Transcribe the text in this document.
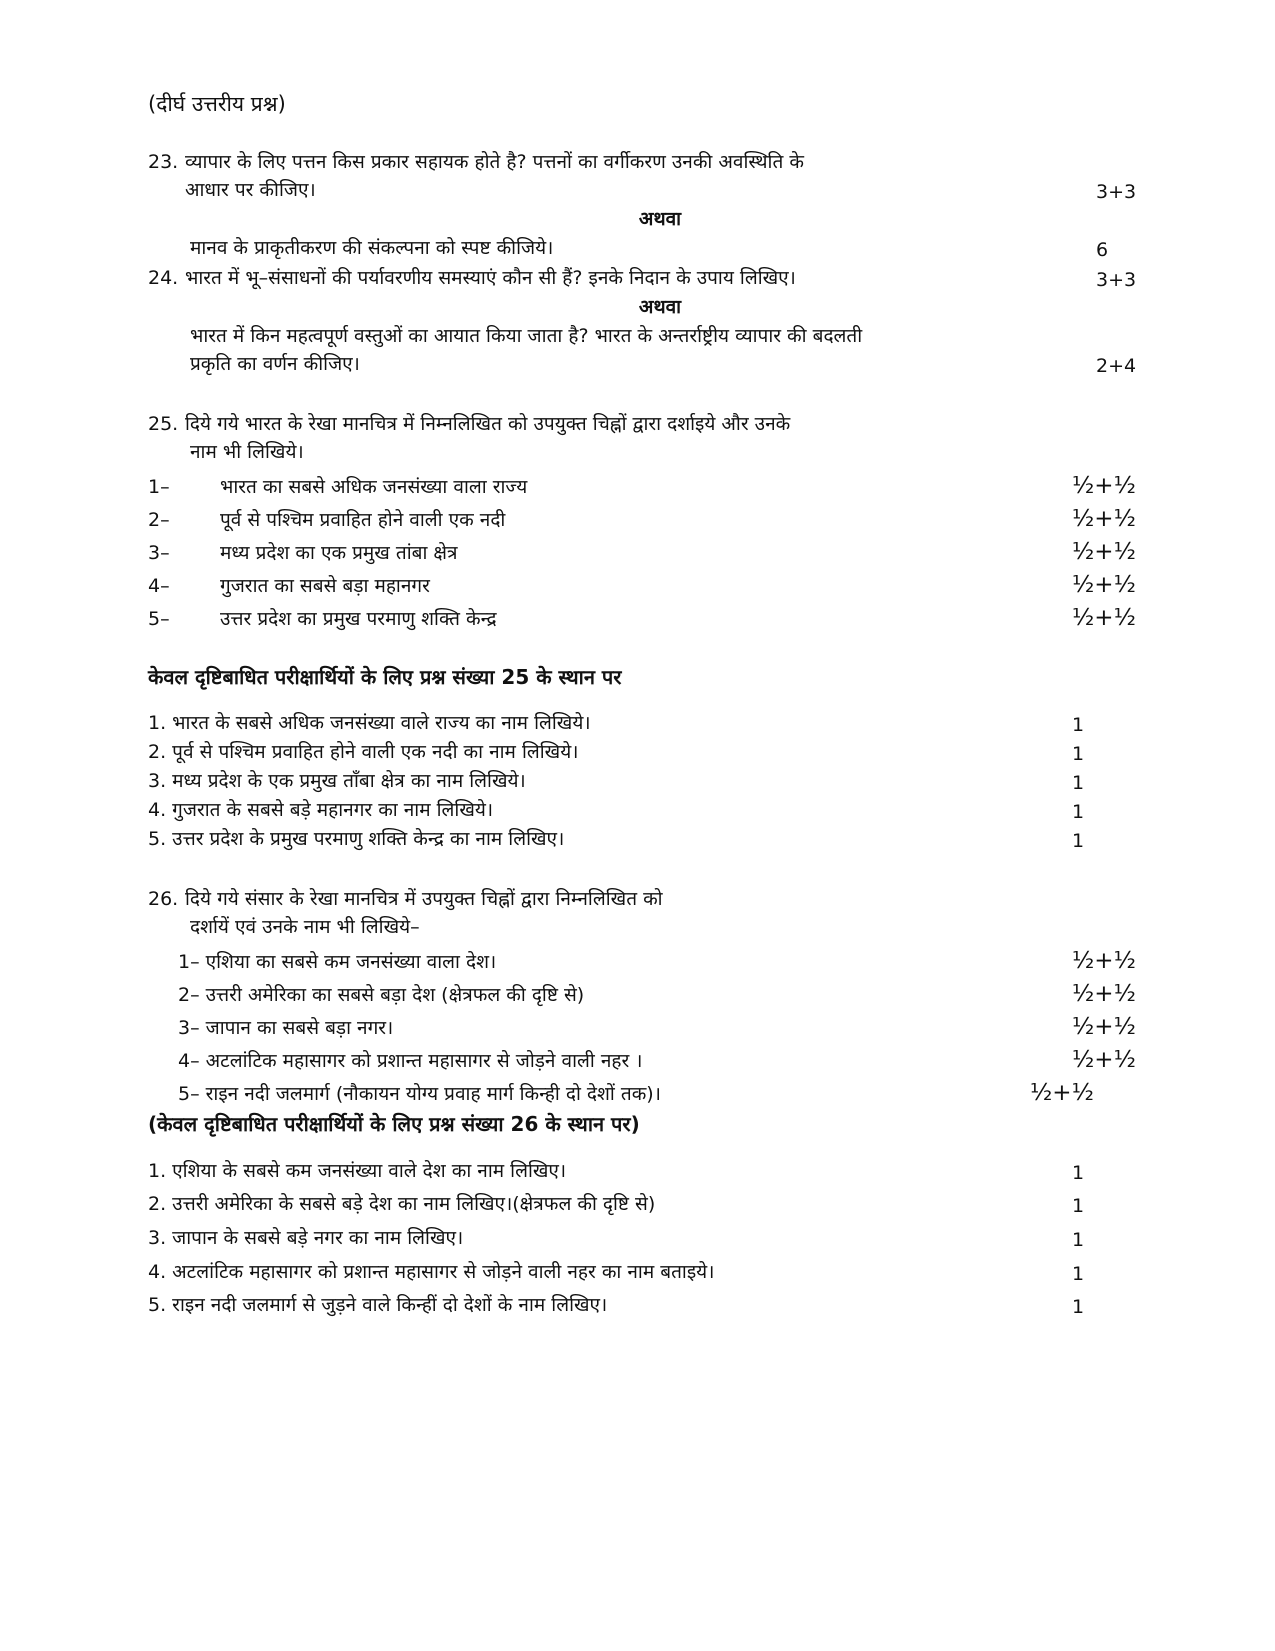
(दीर्घ उत्तरीय प्रश्न)
23. व्यापार के लिए पत्तन किस प्रकार सहायक होते है? पत्तनों का वर्गीकरण उनकी अवस्थिति के
आधार पर कीजिए।	3+3
अथवा
मानव के प्राकृतीकरण की संकल्पना को स्पष्ट कीजिये।	6
24. भारत में भू–संसाधनों की पर्यावरणीय समस्याएं कौन सी हैं? इनके निदान के उपाय लिखिए।	3+3
अथवा
भारत में किन महत्वपूर्ण वस्तुओं का आयात किया जाता है? भारत के अन्तर्राष्ट्रीय व्यापार की बदलती
प्रकृति का वर्णन कीजिए।	2+4
25. दिये गये भारत के रेखा मानचित्र में निम्नलिखित को उपयुक्त चिह्नों द्वारा दर्शाइये और उनके
नाम भी लिखिये।
1–	भारत का सबसे अधिक जनसंख्या वाला राज्य	½+½
2–	पूर्व से पश्चिम प्रवाहित होने वाली एक नदी	½+½
3–	मध्य प्रदेश का एक प्रमुख तांबा क्षेत्र	½+½
4–	गुजरात का सबसे बड़ा महानगर	½+½
5–	उत्तर प्रदेश का प्रमुख परमाणु शक्ति केन्द्र	½+½
केवल दृष्टिबाधित परीक्षार्थियों के लिए प्रश्न संख्या 25 के स्थान पर
1. भारत के सबसे अधिक जनसंख्या वाले राज्य का नाम लिखिये।	1
2. पूर्व से पश्चिम प्रवाहित होने वाली एक नदी का नाम लिखिये।	1
3. मध्य प्रदेश के एक प्रमुख ताँबा क्षेत्र का नाम लिखिये।	1
4. गुजरात के सबसे बड़े महानगर का नाम लिखिये।	1
5. उत्तर प्रदेश के प्रमुख परमाणु शक्ति केन्द्र का नाम लिखिए।	1
26. दिये गये संसार के रेखा मानचित्र में उपयुक्त चिह्नों द्वारा निम्नलिखित को
दर्शायें एवं उनके नाम भी लिखिये–
1– एशिया का सबसे कम जनसंख्या वाला देश।	½+½
2– उत्तरी अमेरिका का सबसे बड़ा देश (क्षेत्रफल की दृष्टि से)	½+½
3– जापान का सबसे बड़ा नगर।	½+½
4– अटलांटिक महासागर को प्रशान्त महासागर से जोड़ने वाली नहर ।	½+½
5– राइन नदी जलमार्ग (नौकायन योग्य प्रवाह मार्ग किन्ही दो देशों तक)।	½+½
(केवल दृष्टिबाधित परीक्षार्थियों के लिए प्रश्न संख्या 26 के स्थान पर)
1. एशिया के सबसे कम जनसंख्या वाले देश का नाम लिखिए।	1
2. उत्तरी अमेरिका के सबसे बड़े देश का नाम लिखिए।(क्षेत्रफल की दृष्टि से)	1
3. जापान के सबसे बड़े नगर का नाम लिखिए।	1
4. अटलांटिक महासागर को प्रशान्त महासागर से जोड़ने वाली नहर का नाम बताइये।	1
5. राइन नदी जलमार्ग से जुड़ने वाले किन्हीं दो देशों के नाम लिखिए।	1
